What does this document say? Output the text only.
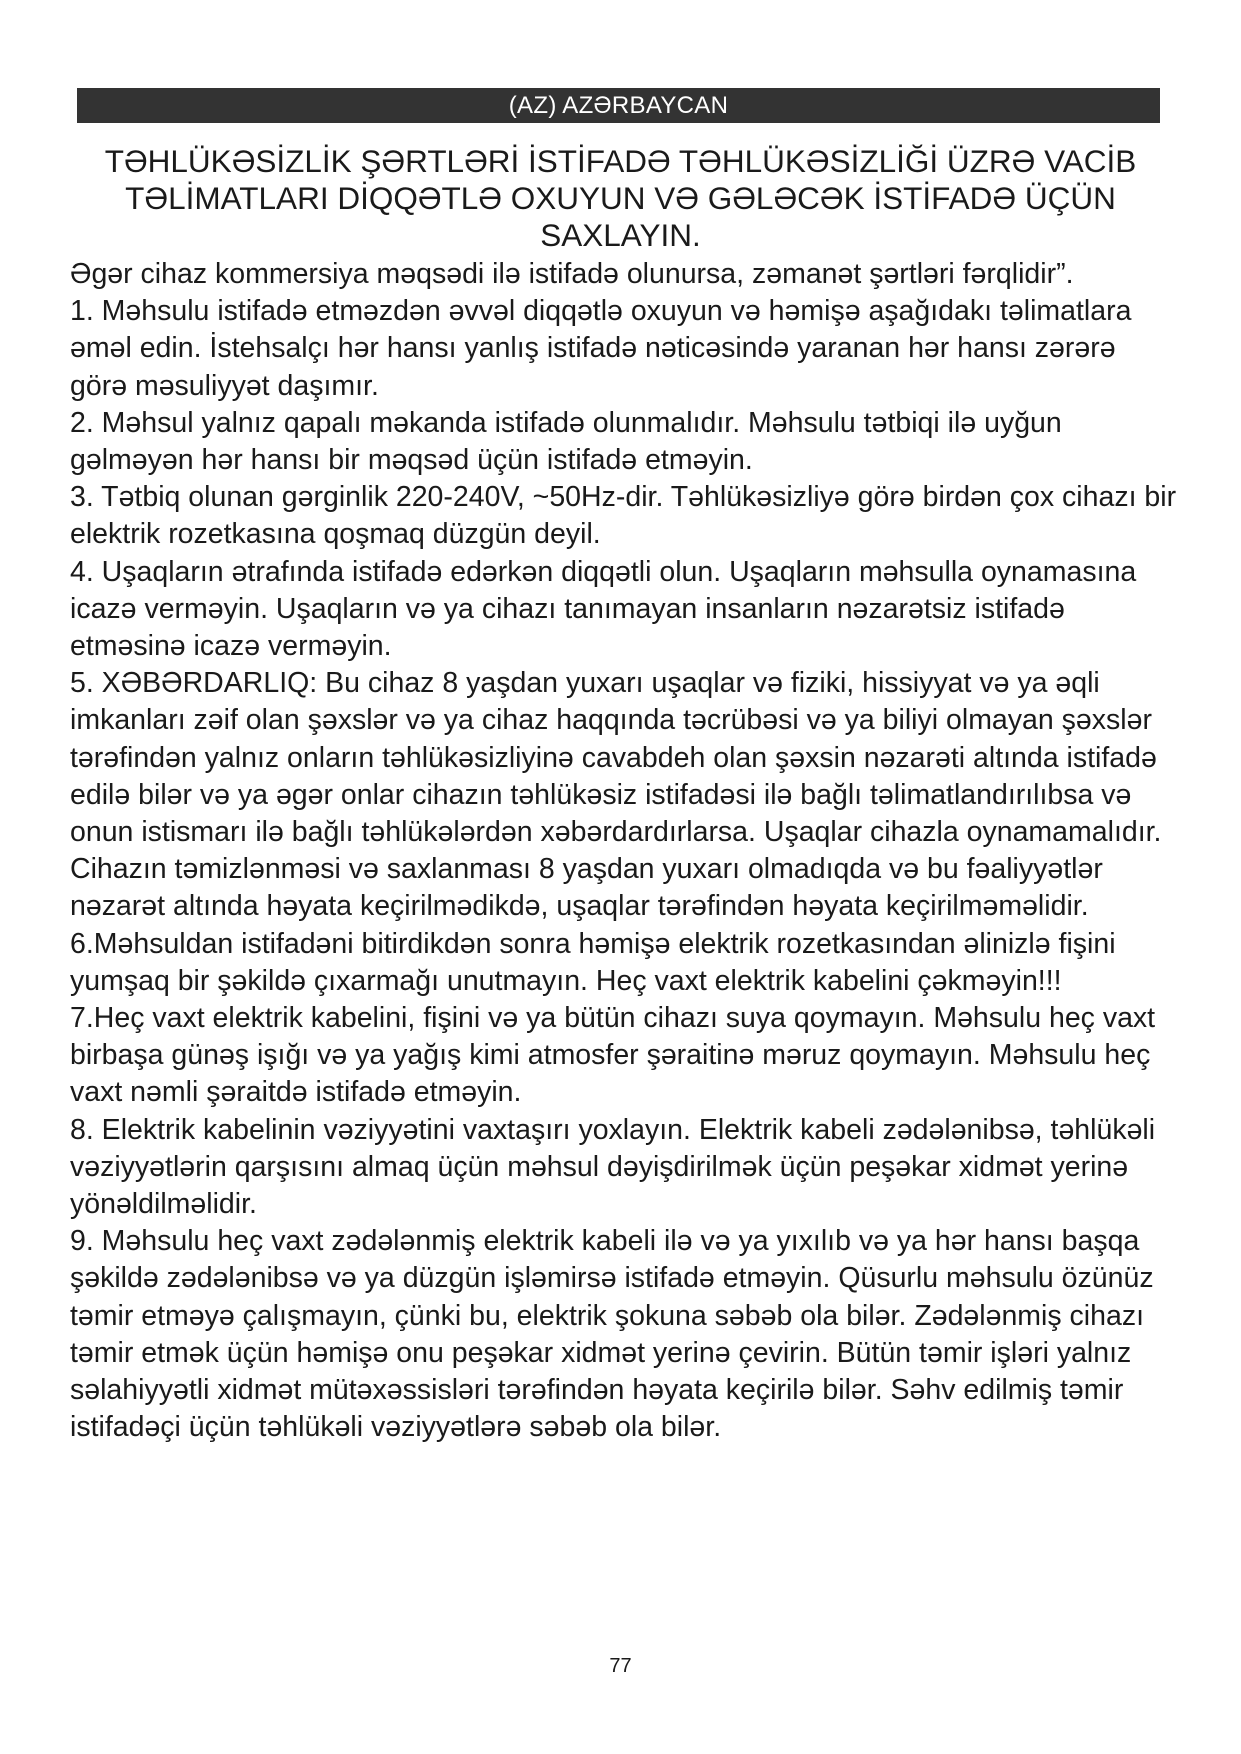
(AZ) AZƏRBAYCAN
TƏHLÜKƏSİZLİK ŞƏRTLƏRİ İSTİFADƏ TƏHLÜKƏSİZLİĞİ ÜZRƏ VACİB TƏLİMATLARI DİQQƏTLƏ OXUYUN VƏ GƏLƏCƏK İSTİFADƏ ÜÇÜN SAXLAYIN.

Əgər cihaz kommersiya məqsədi ilə istifadə olunursa, zəmanət şərtləri fərqlidir”.

1. Məhsulu istifadə etməzdən əvvəl diqqətlə oxuyun və həmişə aşağıdakı təlimatlara əməl edin. İstehsalçı hər hansı yanlış istifadə nəticəsində yaranan hər hansı zərərə görə məsuliyyət daşımır.

2. Məhsul yalnız qapalı məkanda istifadə olunmalıdır. Məhsulu tətbiqi ilə uyğun gəlməyən hər hansı bir məqsəd üçün istifadə etməyin.

3. Tətbiq olunan gərginlik 220-240V, ~50Hz-dir. Təhlükəsizliyə görə birdən çox cihazı bir elektrik rozetkasına qoşmaq düzgün deyil.

4. Uşaqların ətrafında istifadə edərkən diqqətli olun. Uşaqların məhsulla oynamasına icazə verməyin. Uşaqların və ya cihazı tanımayan insanların nəzarətsiz istifadə etməsinə icazə verməyin.

5. XƏBƏRDARLIQ: Bu cihaz 8 yaşdan yuxarı uşaqlar və fiziki, hissiyyat və ya əqli imkanları zəif olan şəxslər və ya cihaz haqqında təcrübəsi və ya biliyi olmayan şəxslər tərəfindən yalnız onların təhlükəsizliyinə cavabdeh olan şəxsin nəzarəti altında istifadə edilə bilər və ya əgər onlar cihazın təhlükəsiz istifadəsi ilə bağlı təlimatlandırılıbsa və onun istismarı ilə bağlı təhlükələrdən xəbərdardırlarsa. Uşaqlar cihazla oynamamalıdır. Cihazın təmizlənməsi və saxlanması 8 yaşdan yuxarı olmadıqda və bu fəaliyyətlər nəzarət altında həyata keçirilmədikdə, uşaqlar tərəfindən həyata keçirilməməlidir.

6.Məhsuldan istifadəni bitirdikdən sonra həmişə elektrik rozetkasından əlinizlə fişini yumşaq bir şəkildə çıxarmağı unutmayın. Heç vaxt elektrik kabelini çəkməyin!!!

7.Heç vaxt elektrik kabelini, fişini və ya bütün cihazı suya qoymayın. Məhsulu heç vaxt birbaşa günəş işığı və ya yağış kimi atmosfer şəraitinə məruz qoymayın. Məhsulu heç vaxt nəmli şəraitdə istifadə etməyin.

8. Elektrik kabelinin vəziyyətini vaxtaşırı yoxlayın. Elektrik kabeli zədələnibsə, təhlükəli vəziyyətlərin qarşısını almaq üçün məhsul dəyişdirilmək üçün peşəkar xidmət yerinə yönəldilməlidir.

9. Məhsulu heç vaxt zədələnmiş elektrik kabeli ilə və ya yıxılıb və ya hər hansı başqa şəkildə zədələnibsə və ya düzgün işləmirsə istifadə etməyin. Qüsurlu məhsulu özünüz təmir etməyə çalışmayın, çünki bu, elektrik şokuna səbəb ola bilər. Zədələnmiş cihazı təmir etmək üçün həmişə onu peşəkar xidmət yerinə çevirin. Bütün təmir işləri yalnız səlahiyyətli xidmət mütəxəssisləri tərəfindən həyata keçirilə bilər. Səhv edilmiş təmir istifadəçi üçün təhlükəli vəziyyətlərə səbəb ola bilər.

77
